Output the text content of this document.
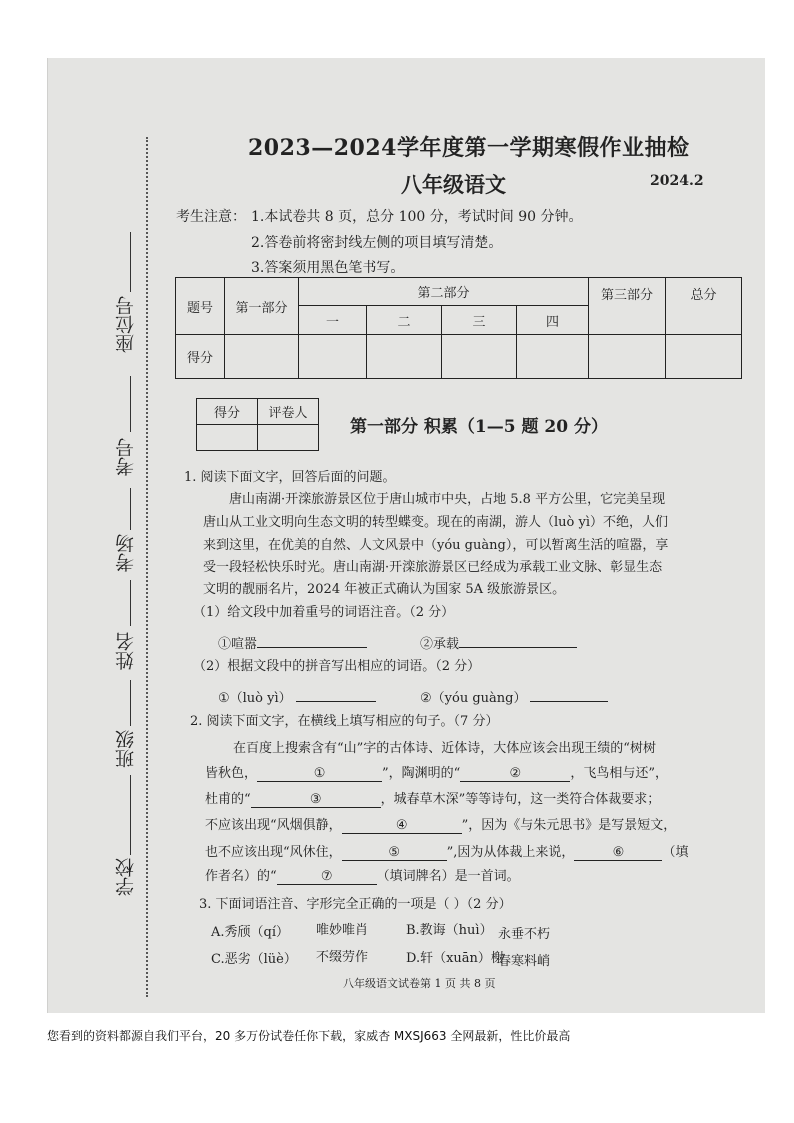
学校
班级
姓名
考场
考号
座位号
2023—2024学年度第一学期寒假作业抽检
八年级语文	2024.2
考生注意： 1.本试卷共 8 页，总分 100 分，考试时间 90 分钟。
2.答卷前将密封线左侧的项目填写清楚。
3.答案须用黑色笔书写。
题号	第一部分	第二部分				第三部分	总分
		一	二	三	四		
得分							
得分	评卷人

第一部分 积累（1—5 题 20 分）
1. 阅读下面文字，回答后面的问题。
唐山南湖·开滦旅游景区位于唐山城市中央，占地 5.8 平方公里，它完美呈现
唐山从工业文明向生态文明的转型蝶变。现在的南湖，游人（luò yì）不绝，人们
来到这里，在优美的自然、人文风景中（yóu guàng），可以暂离生活的喧嚣，享
受一段轻松快乐时光。唐山南湖·开滦旅游景区已经成为承载工业文脉、彰显生态
文明的靓丽名片，2024 年被正式确认为国家 5A 级旅游景区。
（1）给文段中加着重号的词语注音。（2 分）
①喧嚣	②承载
（2）根据文段中的拼音写出相应的词语。（2 分）
①（luò yì）	②（yóu guàng）
2. 阅读下面文字，在横线上填写相应的句子。（7 分）
在百度上搜索含有“山”字的古体诗、近体诗，大体应该会出现王绩的“树树
皆秋色，	①	”，陶渊明的“	②	，飞鸟相与还”，
杜甫的“	③	，城春草木深”等等诗句，这一类符合体裁要求；
不应该出现“风烟俱静，	④	”，因为《与朱元思书》是写景短文，
也不应该出现“风休住，	⑤	”,因为从体裁上来说，	⑥	（填
作者名）的“	⑦	（填词牌名）是一首词。
3. 下面词语注音、字形完全正确的一项是（ ）（2 分）
A.秀颀（qí） 唯妙唯肖	B.教诲（huì） 永垂不朽
C.恶劣（lüè） 不缀劳作	D.轩（xuān）榭
春寒料峭
八年级语文试卷第 1 页 共 8 页
您看到的资料都源自我们平台，20 多万份试卷任你下载，家威杏 MXSJ663 全网最新，性比价最高
